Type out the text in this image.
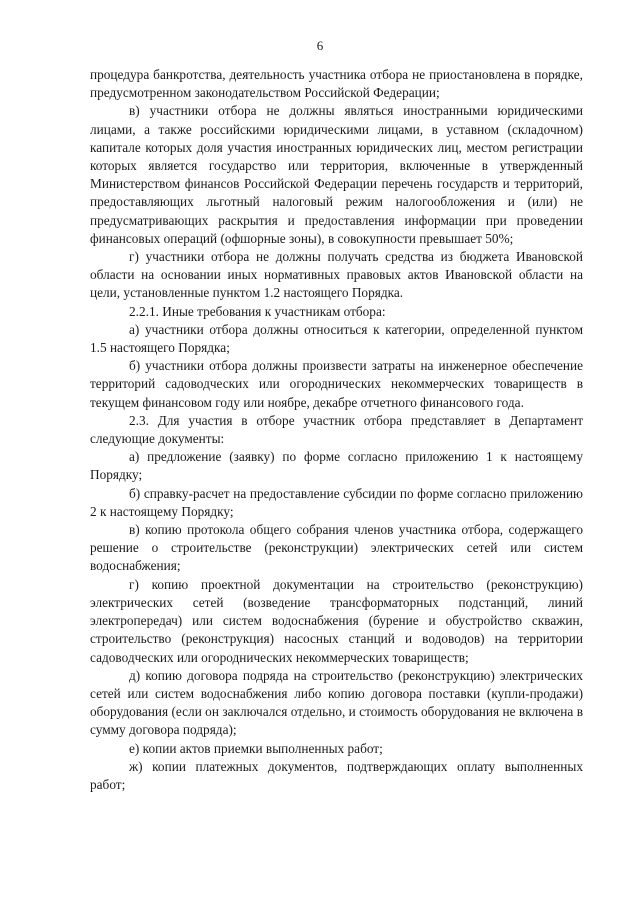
6

процедура банкротства, деятельность участника отбора не приостановлена в порядке, предусмотренном законодательством Российской Федерации;

в) участники отбора не должны являться иностранными юридическими лицами, а также российскими юридическими лицами, в уставном (складочном) капитале которых доля участия иностранных юридических лиц, местом регистрации которых является государство или территория, включенные в утвержденный Министерством финансов Российской Федерации перечень государств и территорий, предоставляющих льготный налоговый режим налогообложения и (или) не предусматривающих раскрытия и предоставления информации при проведении финансовых операций (офшорные зоны), в совокупности превышает 50%;

г) участники отбора не должны получать средства из бюджета Ивановской области на основании иных нормативных правовых актов Ивановской области на цели, установленные пунктом 1.2 настоящего Порядка.

2.2.1. Иные требования к участникам отбора:

а) участники отбора должны относиться к категории, определенной пунктом 1.5 настоящего Порядка;

б) участники отбора должны произвести затраты на инженерное обеспечение территорий садоводческих или огороднических некоммерческих товариществ в текущем финансовом году или ноябре, декабре отчетного финансового года.

2.3. Для участия в отборе участник отбора представляет в Департамент следующие документы:

а) предложение (заявку) по форме согласно приложению 1 к настоящему Порядку;

б) справку-расчет на предоставление субсидии по форме согласно приложению 2 к настоящему Порядку;

в) копию протокола общего собрания членов участника отбора, содержащего решение о строительстве (реконструкции) электрических сетей или систем водоснабжения;

г) копию проектной документации на строительство (реконструкцию) электрических сетей (возведение трансформаторных подстанций, линий электропередач) или систем водоснабжения (бурение и обустройство скважин, строительство (реконструкция) насосных станций и водоводов) на территории садоводческих или огороднических некоммерческих товариществ;

д) копию договора подряда на строительство (реконструкцию) электрических сетей или систем водоснабжения либо копию договора поставки (купли-продажи) оборудования (если он заключался отдельно, и стоимость оборудования не включена в сумму договора подряда);

е) копии актов приемки выполненных работ;

ж) копии платежных документов, подтверждающих оплату выполненных работ;
